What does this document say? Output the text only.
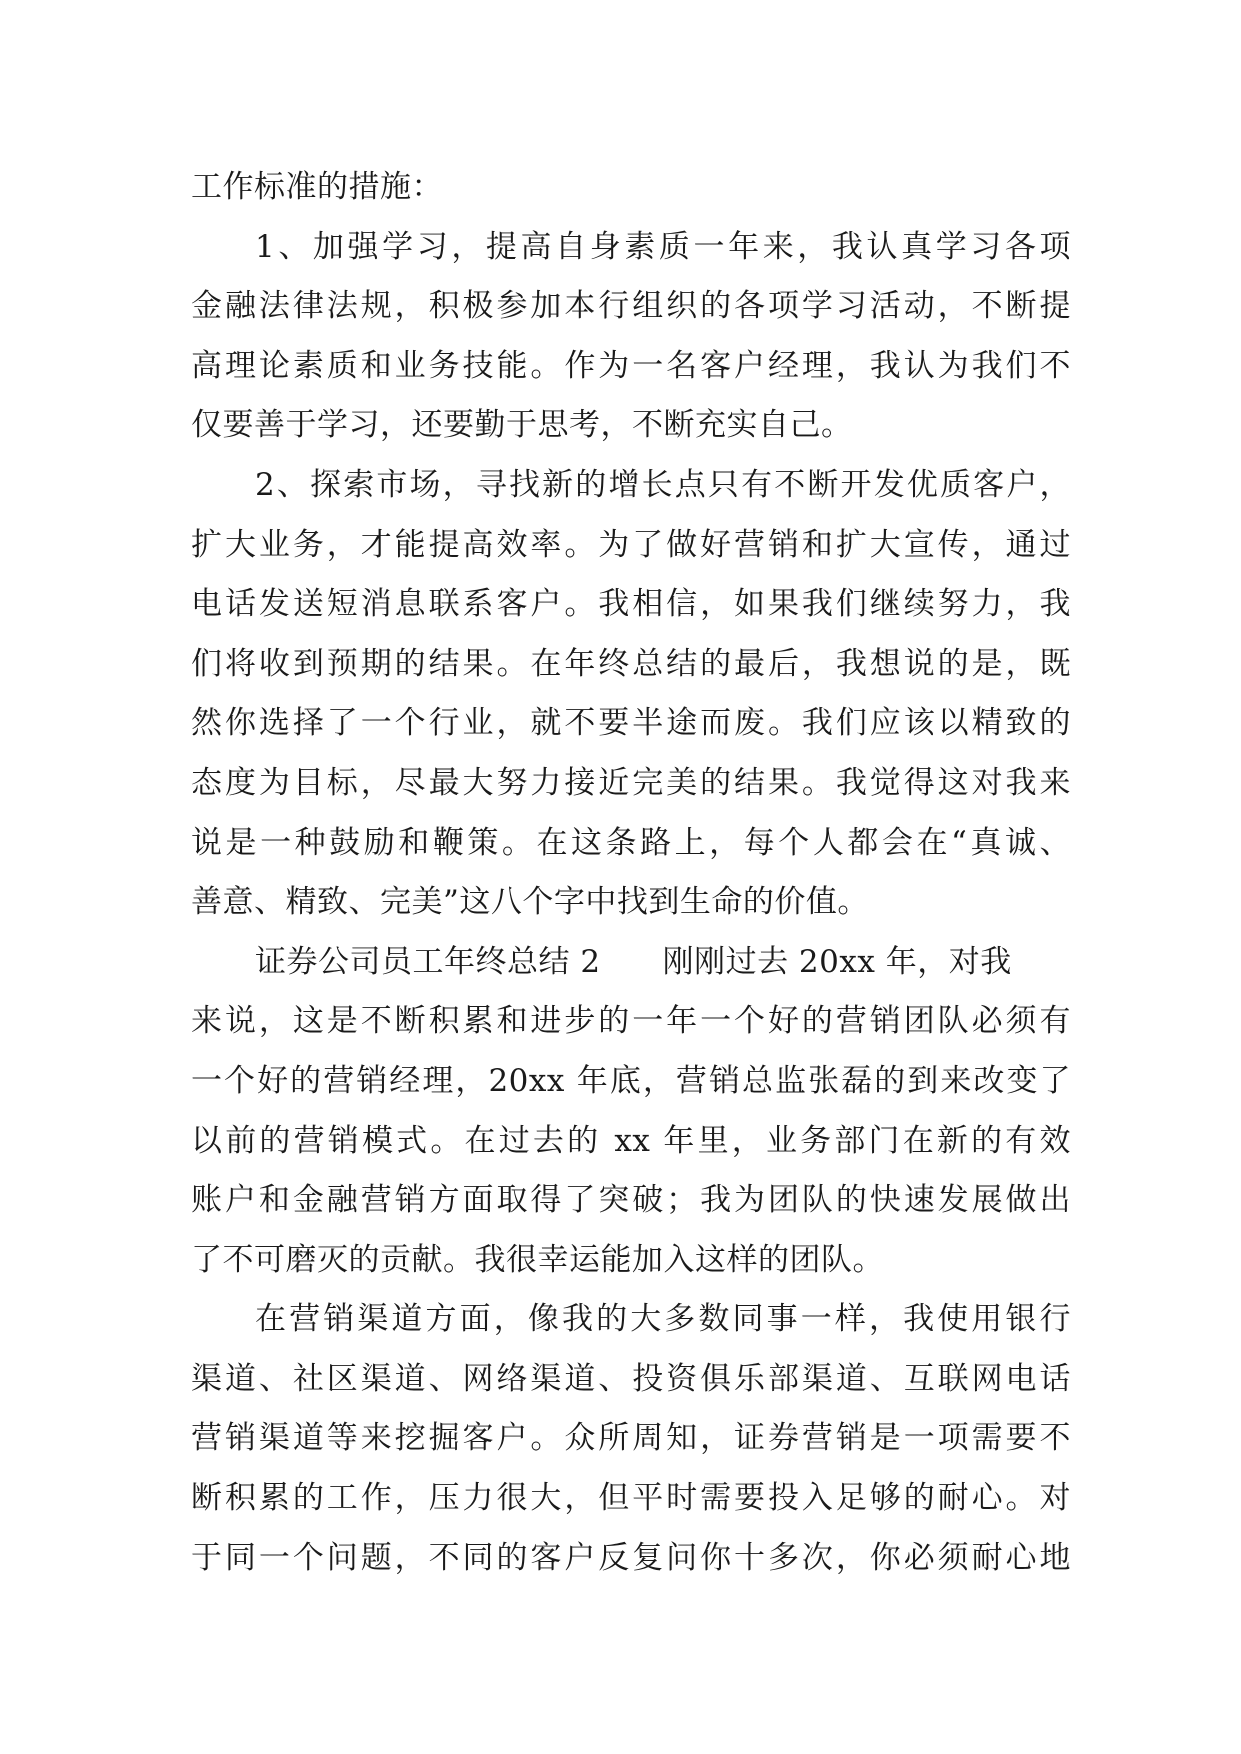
工作标准的措施：
1、加强学习，提高自身素质一年来，我认真学习各项
金融法律法规，积极参加本行组织的各项学习活动，不断提
高理论素质和业务技能。作为一名客户经理，我认为我们不
仅要善于学习，还要勤于思考，不断充实自己。
2、探索市场，寻找新的增长点只有不断开发优质客户，
扩大业务，才能提高效率。为了做好营销和扩大宣传，通过
电话发送短消息联系客户。我相信，如果我们继续努力，我
们将收到预期的结果。在年终总结的最后，我想说的是，既
然你选择了一个行业，就不要半途而废。我们应该以精致的
态度为目标，尽最大努力接近完美的结果。我觉得这对我来
说是一种鼓励和鞭策。在这条路上，每个人都会在“真诚、
善意、精致、完美”这八个字中找到生命的价值。
证券公司员工年终总结 2 刚刚过去 20xx 年，对我
来说，这是不断积累和进步的一年一个好的营销团队必须有
一个好的营销经理，20xx 年底，营销总监张磊的到来改变了
以前的营销模式。在过去的 xx 年里，业务部门在新的有效
账户和金融营销方面取得了突破；我为团队的快速发展做出
了不可磨灭的贡献。我很幸运能加入这样的团队。
在营销渠道方面，像我的大多数同事一样，我使用银行
渠道、社区渠道、网络渠道、投资俱乐部渠道、互联网电话
营销渠道等来挖掘客户。众所周知，证券营销是一项需要不
断积累的工作，压力很大，但平时需要投入足够的耐心。对
于同一个问题，不同的客户反复问你十多次，你必须耐心地
